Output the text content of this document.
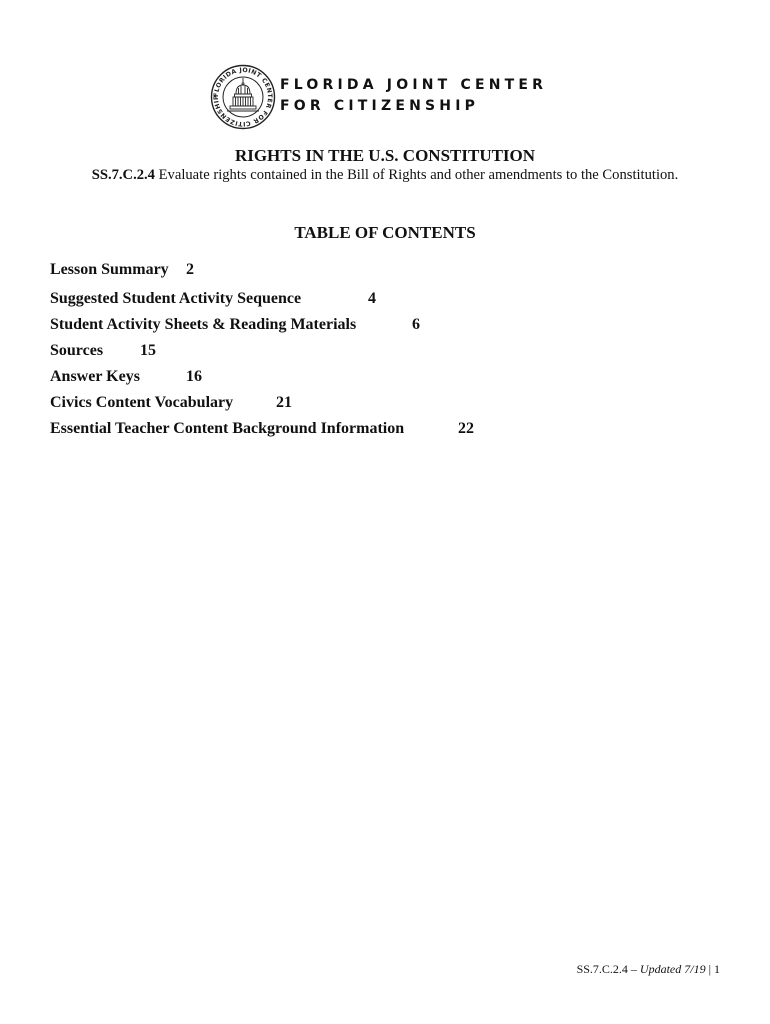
FLORIDA JOINT CENTER FOR CITIZENSHIP
FLORIDA JOINT CENTER
FOR CITIZENSHIP
RIGHTS IN THE U.S. CONSTITUTION
SS.7.C.2.4 Evaluate rights contained in the Bill of Rights and other amendments to the Constitution.
TABLE OF CONTENTS
Lesson Summary 2
Suggested Student Activity Sequence	4
Student Activity Sheets & Reading Materials	6
Sources 15
Answer Keys	16
Civics Content Vocabulary	21
Essential Teacher Content Background Information	22
SS.7.C.2.4 – Updated 7/19 | 1
